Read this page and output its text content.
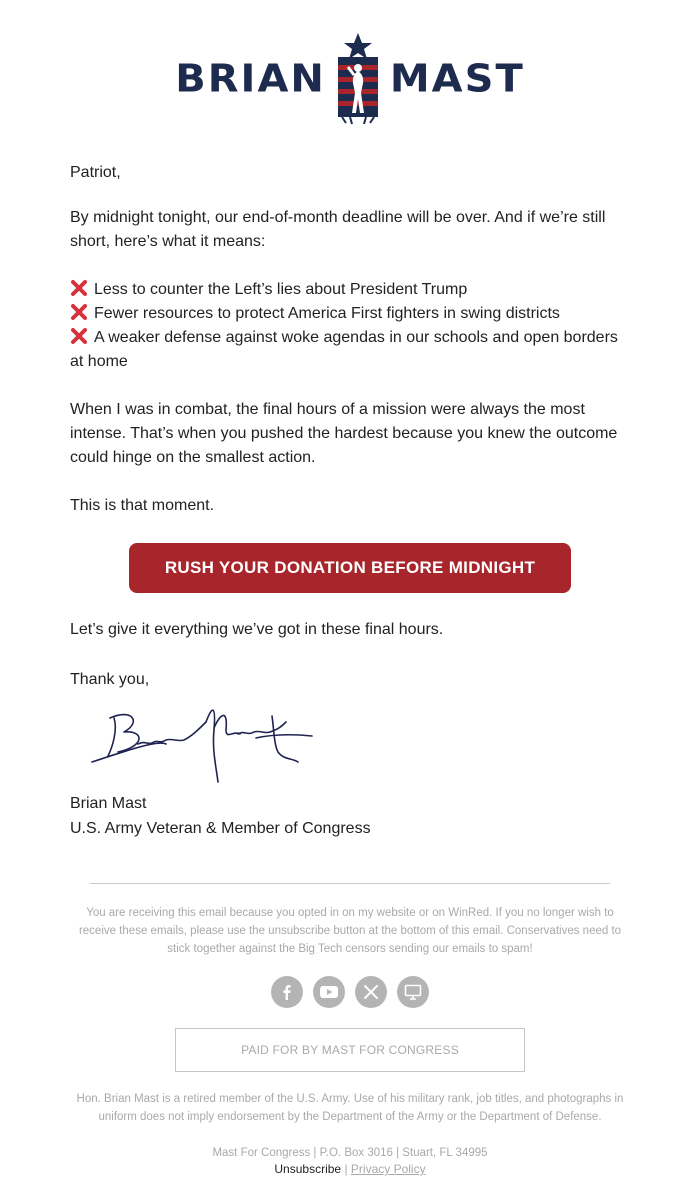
BRIAN MAST

Patriot,

By midnight tonight, our end-of-month deadline will be over. And if we’re still short, here’s what it means:

Less to counter the Left’s lies about President Trump
Fewer resources to protect America First fighters in swing districts
A weaker defense against woke agendas in our schools and open borders at home

When I was in combat, the final hours of a mission were always the most intense. That’s when you pushed the hardest because you knew the outcome could hinge on the smallest action.

This is that moment.

RUSH YOUR DONATION BEFORE MIDNIGHT

Let’s give it everything we’ve got in these final hours.

Thank you,

Brian Mast

U.S. Army Veteran & Member of Congress

You are receiving this email because you opted in on my website or on WinRed. If you no longer wish to receive these emails, please use the unsubscribe button at the bottom of this email. Conservatives need to stick together against the Big Tech censors sending our emails to spam!

PAID FOR BY MAST FOR CONGRESS

Hon. Brian Mast is a retired member of the U.S. Army. Use of his military rank, job titles, and photographs in uniform does not imply endorsement by the Department of the Army or the Department of Defense.

Mast For Congress | P.O. Box 3016 | Stuart, FL 34995

Unsubscribe | Privacy Policy
